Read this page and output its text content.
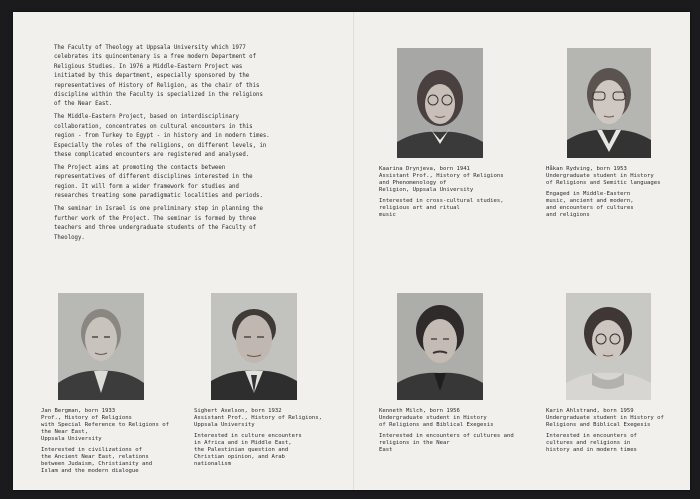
The Faculty of Theology at Uppsala University which 1977 celebrates its quincentenary is a free modern Department of Religious Studies. In 1976 a Middle-Eastern Project was initiated by this department, especially sponsored by the representatives of History of Religion, as the chair of this discipline within the Faculty is specialized in the religions of the Near East.

The Middle-Eastern Project, based on interdisciplinary collaboration, concentrates on cultural encounters in this region - from Turkey to Egypt - in history and in modern times. Especially the roles of the religions, on different levels, in these complicated encounters are registered and analysed.

The Project aims at promoting the contacts between representatives of different disciplines interested in the region. It will form a wider framework for studies and researches treating some paradigmatic localities and periods.

The seminar in Israel is one preliminary step in planning the further work of the Project. The seminar is formed by three teachers and three undergraduate students of the Faculty of Theology.

Kaarina Drynjeva, born 1941
Assistant Prof., History of Religions and Phenomenology of
Religion, Uppsala University
Interested in cross-cultural studies, religious art and ritual
music
Håkan Rydving, born 1953
Undergraduate student in History
of Religions and Semitic languages
Engaged in Middle-Eastern
music, ancient and modern,
and encounters of cultures
and religions
Jan Bergman, born 1933
Prof., History of Religions
with Special Reference to Religions of the Near East,
Uppsala University
Interested in civilizations of
the Ancient Near East, relations
between Judaism, Christianity and
Islam and the modern dialogue
Sighert Axelson, born 1932
Assistant Prof., History of Religions, Uppsala University
Interested in culture encounters
in Africa and in Middle East,
the Palestinian question and
Christian opinion, and Arab
nationalism
Kenneth Milch, born 1956
Undergraduate student in History
of Religions and Biblical Exegesis
Interested in encounters of cultures and religions in the Near
East
Karin Ahlstrand, born 1959
Undergraduate student in History of Religions and Biblical Exegesis
Interested in encounters of
cultures and religions in
history and in modern times
